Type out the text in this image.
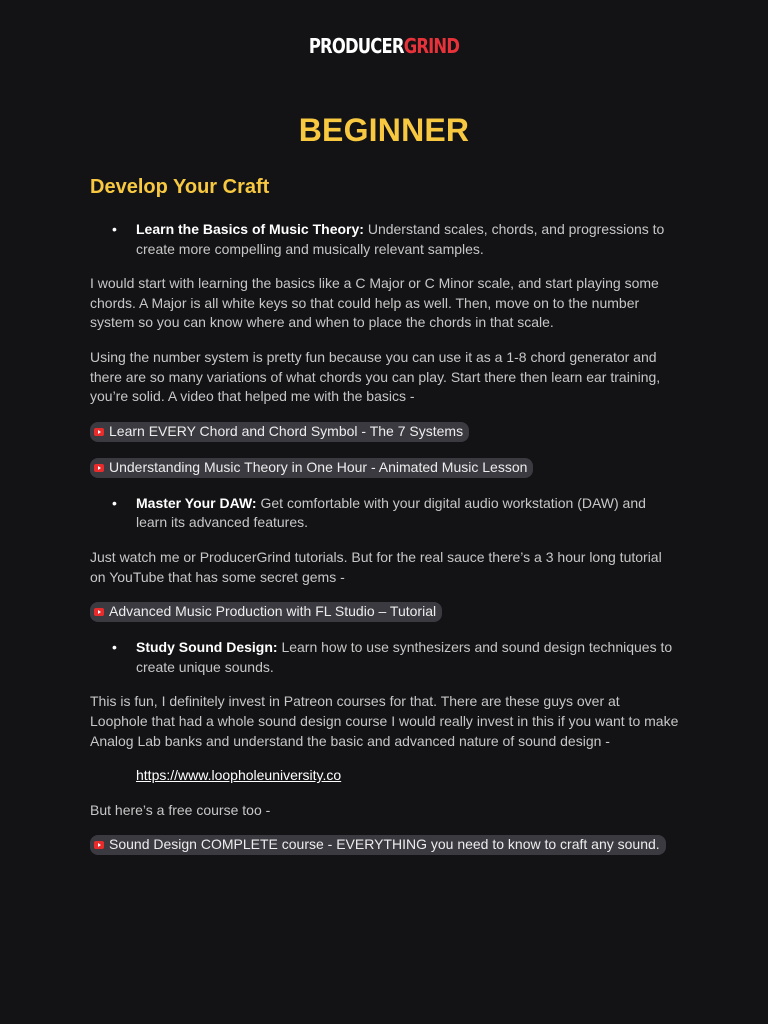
PRODUCERGRIND
BEGINNER
Develop Your Craft
• Learn the Basics of Music Theory: Understand scales, chords, and progressions to create more compelling and musically relevant samples.

I would start with learning the basics like a C Major or C Minor scale, and start playing some chords. A Major is all white keys so that could help as well. Then, move on to the number system so you can know where and when to place the chords in that scale.

Using the number system is pretty fun because you can use it as a 1-8 chord generator and there are so many variations of what chords you can play. Start there then learn ear training, you’re solid. A video that helped me with the basics -

Learn EVERY Chord and Chord Symbol - The 7 Systems
Understanding Music Theory in One Hour - Animated Music Lesson
• Master Your DAW: Get comfortable with your digital audio workstation (DAW) and learn its advanced features.

Just watch me or ProducerGrind tutorials. But for the real sauce there’s a 3 hour long tutorial on YouTube that has some secret gems -

Advanced Music Production with FL Studio – Tutorial
• Study Sound Design: Learn how to use synthesizers and sound design techniques to create unique sounds.

This is fun, I definitely invest in Patreon courses for that. There are these guys over at Loophole that had a whole sound design course I would really invest in this if you want to make Analog Lab banks and understand the basic and advanced nature of sound design -

https://www.loopholeuniversity.co

But here’s a free course too -

Sound Design COMPLETE course - EVERYTHING you need to know to craft any sound.
